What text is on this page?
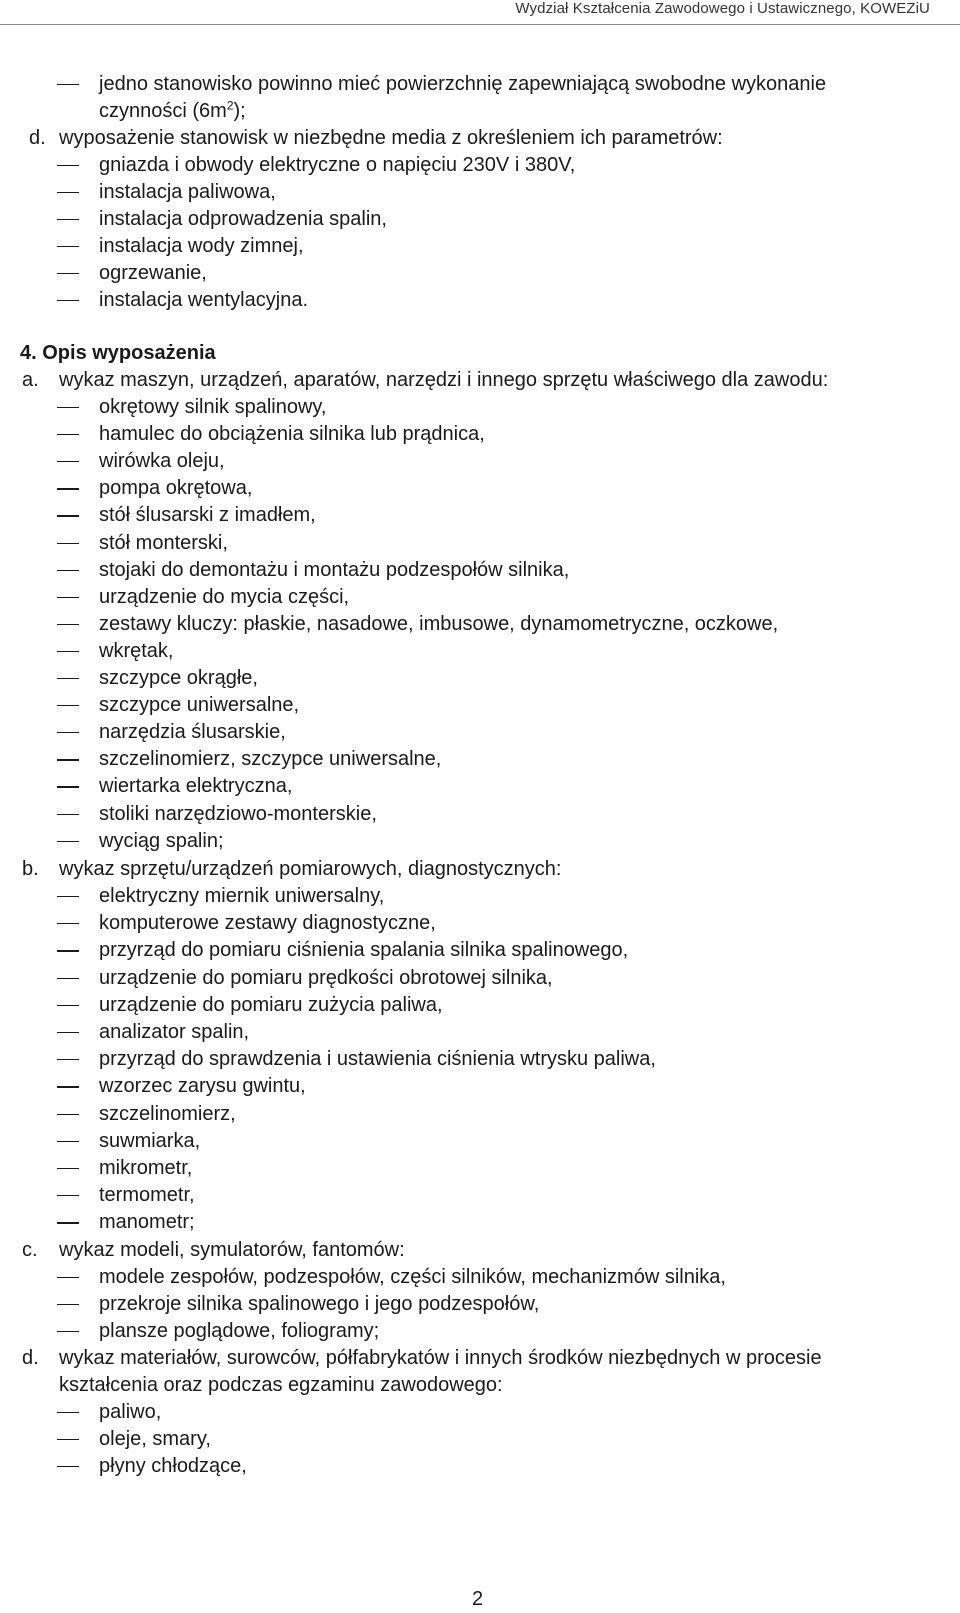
Wydział Kształcenia Zawodowego i Ustawicznego, KOWEZiU
jedno stanowisko powinno mieć powierzchnię zapewniającą swobodne wykonanie
czynności $(6m^2)$;
d. wyposażenie stanowisk w niezbędne media z określeniem ich parametrów:
gniazda i obwody elektryczne o napięciu 230V i 380V,
instalacja paliwowa,
instalacja odprowadzenia spalin,
instalacja wody zimnej,
ogrzewanie,
instalacja wentylacyjna.
4. Opis wyposażenia
a. wykaz maszyn, urządzeń, aparatów, narzędzi i innego sprzętu właściwego dla zawodu:
okrętowy silnik spalinowy,
hamulec do obciążenia silnika lub prądnica,
wirówka oleju,
pompa okrętowa,
stół ślusarski z imadłem,
stół monterski,
stojaki do demontażu i montażu podzespołów silnika,
urządzenie do mycia części,
zestawy kluczy: płaskie, nasadowe, imbusowe, dynamometryczne, oczkowe,
wkrętak,
szczypce okrągłe,
szczypce uniwersalne,
narzędzia ślusarskie,
szczelinomierz, szczypce uniwersalne,
wiertarka elektryczna,
stoliki narzędziowo-monterskie,
wyciąg spalin;
b. wykaz sprzętu/urządzeń pomiarowych, diagnostycznych:
elektryczny miernik uniwersalny,
komputerowe zestawy diagnostyczne,
przyrząd do pomiaru ciśnienia spalania silnika spalinowego,
urządzenie do pomiaru prędkości obrotowej silnika,
urządzenie do pomiaru zużycia paliwa,
analizator spalin,
przyrząd do sprawdzenia i ustawienia ciśnienia wtrysku paliwa,
wzorzec zarysu gwintu,
szczelinomierz,
suwmiarka,
mikrometr,
termometr,
manometr;
c. wykaz modeli, symulatorów, fantomów:
modele zespołów, podzespołów, części silników, mechanizmów silnika,
przekroje silnika spalinowego i jego podzespołów,
plansze poglądowe, foliogramy;
d. wykaz materiałów, surowców, półfabrykatów i innych środków niezbędnych w procesie
kształcenia oraz podczas egzaminu zawodowego:
paliwo,
oleje, smary,
płyny chłodzące,
2
